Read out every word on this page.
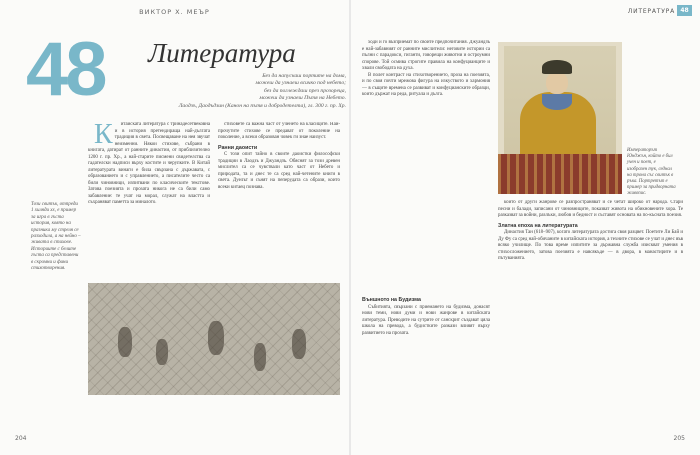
ВИКТОР Х. МЕЪР
48 Литература
Без да напускаш портите на дома,
можеш да узнаеш всичко под небето;
без да поглеждаш през прозореца,
можеш да узнаеш Пътя на Небето.
Лаодзъ, Даодъдзин (Канон на пътя и добродетелта), гл. 300 г. пр. Хр.
Този свитък, отпреди 1 хиляди хх, е пример за игра в гъста история, която на празника му стреля се разходила, а на нейно – живата в стихове. Историите с белите гъста са представени в скромни и фини стихотворения.

К итайската литература с тринадесетвековна и в история претендираща най-дългата традиция в света. Посвещаване на нея звучат неизменни. Някои стихове, събрани в книгата, датират от ранните династии, от приблизително 1200 г. пр. Хр., а най-старите писмени свидетелства са гадателски надписи върху костите и черупките. В Китай литературата винаги е била свързана с държавата, с образованието и с управлението, а писателите често са били чиновници, изпитвани по класическите текстове. Затова поезията и прозата никога не са били само забавление: те учат на морал, служат на властта и съхраняват паметта за миналото.

стиховете са важна част от ученето на класиците. Най-прочутите стихове се предават от поколение на поколение, а всеки образован човек ги знае наизуст.

Ранни даоисти

С този опит тайно в своите даоистки философски традиции в Лаодзъ и Джуандзъ. Обяснят за този древен мислител са се чувствали като част от Небето и природата, та и днес те са сред най-четените книги в света. Дуелът и сънят на пеперудата са образи, които всеки китаец познава.

204
ЛИТЕРАТУРА 48

ходи и го възприемат по своите предпочитания. Джуандзъ е най-забавният от ранните мислители: неговите истории са пълни с парадокси, гиганти, говорещи животни и остроумни спорове. Той осмива строгите правила на конфуцианците и хвали свободата на духа.

В полет контраст на стихотворението, проза на поезията, и по своя почти мрежова фигура на изкуството и хармония — в същите времена се развиват и конфуцианските образци, които държат на реда, ритуала и дълга.

Външното на Будизма

Събитията, свързани с приемането на будизма, донасят нови теми, нови думи и нови жанрове в китайската литература. Преводите на сутрите от санскрит създават цяла школа на превода, а будистките разкази влияят върху развитието на прозата.

Императорът Юнджън, който е бил учен и поет, е изобразен тук, седнал на трона със свитък в ръка. Портретът е пример за придворната живопис.

които от други жанрове се разпространяват и се четат широко от народа. Стари песни и балади, записани от чиновниците, показват живота на обикновените хора. Те разказват за войни, разлъки, любов и бедност и съставят основата на по-късната поезия.

Златна епоха на литературата

Династия Тан (618–907), когато литературата достига своя разцвет. Поетите Ли Бай и Ду Фу са сред най-обичаните в китайската история, а техните стихове се учат и днес във всяко училище. По това време изпитите за държавна служба изискват умения в стихосложението, затова поезията е навсякъде — в двора, в манастирите и в пътуванията.

205
